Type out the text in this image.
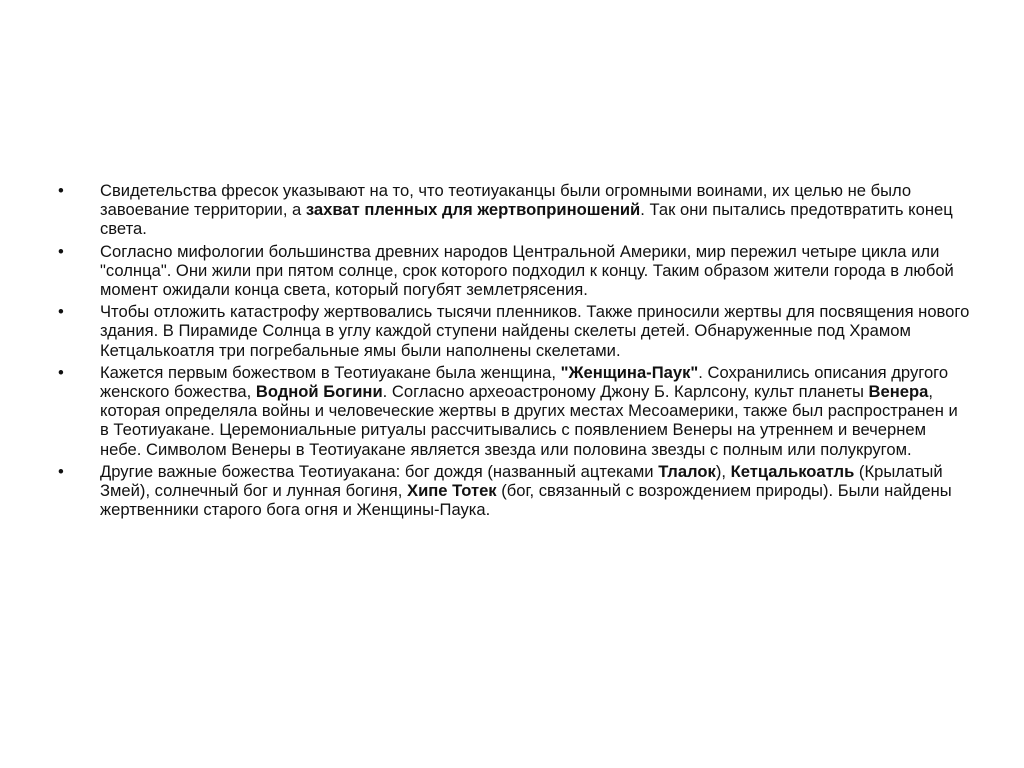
•	Свидетельства фресок указывают на то, что теотиуаканцы были огромными воинами, их целью не было завоевание территории, а захват пленных для жертвоприношений. Так они пытались предотвратить конец света.
•	Согласно мифологии большинства древних народов Центральной Америки, мир пережил четыре цикла или "солнца". Они жили при пятом солнце, срок которого подходил к концу. Таким образом жители города в любой момент ожидали конца света, который погубят землетрясения.
•	Чтобы отложить катастрофу жертвовались тысячи пленников. Также приносили жертвы для посвящения нового здания. В Пирамиде Солнца в углу каждой ступени найдены скелеты детей. Обнаруженные под Храмом Кетцалькоатля три погребальные ямы были наполнены скелетами.
•	Кажется первым божеством в Теотиуакане была женщина, "Женщина-Паук". Сохранились описания другого женского божества, Водной Богини. Согласно археоастроному Джону Б. Карлсону, культ планеты Венера, которая определяла войны и человеческие жертвы в других местах Месоамерики, также был распространен и в Теотиуакане. Церемониальные ритуалы рассчитывались с появлением Венеры на утреннем и вечернем небе. Символом Венеры в Теотиуакане является звезда или половина звезды с полным или полукругом.
•	Другие важные божества Теотиуакана: бог дождя (названный ацтеками Тлалок), Кетцалькоатль (Крылатый Змей), солнечный бог и лунная богиня, Хипе Тотек (бог, связанный с возрождением природы). Были найдены жертвенники старого бога огня и Женщины-Паука.
